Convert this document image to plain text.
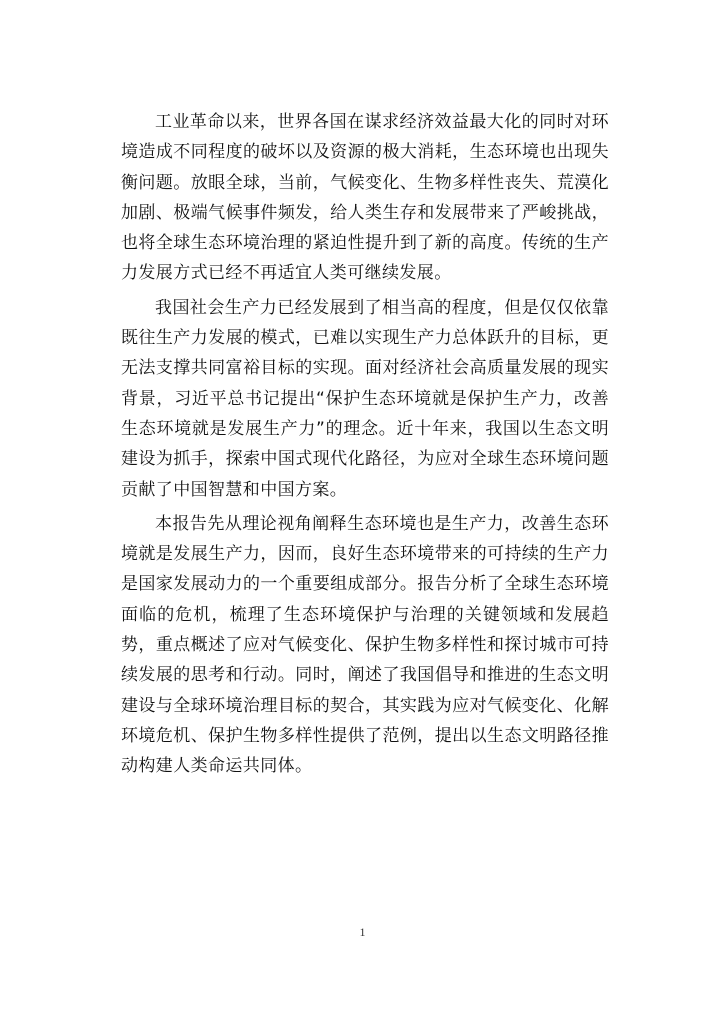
工业革命以来，世界各国在谋求经济效益最大化的同时对环境造成不同程度的破坏以及资源的极大消耗，生态环境也出现失衡问题。放眼全球，当前，气候变化、生物多样性丧失、荒漠化加剧、极端气候事件频发，给人类生存和发展带来了严峻挑战，也将全球生态环境治理的紧迫性提升到了新的高度。传统的生产力发展方式已经不再适宜人类可继续发展。

我国社会生产力已经发展到了相当高的程度，但是仅仅依靠既往生产力发展的模式，已难以实现生产力总体跃升的目标，更无法支撑共同富裕目标的实现。面对经济社会高质量发展的现实背景，习近平总书记提出“保护生态环境就是保护生产力，改善生态环境就是发展生产力”的理念。近十年来，我国以生态文明建设为抓手，探索中国式现代化路径，为应对全球生态环境问题贡献了中国智慧和中国方案。

本报告先从理论视角阐释生态环境也是生产力，改善生态环境就是发展生产力，因而，良好生态环境带来的可持续的生产力是国家发展动力的一个重要组成部分。报告分析了全球生态环境面临的危机，梳理了生态环境保护与治理的关键领域和发展趋势，重点概述了应对气候变化、保护生物多样性和探讨城市可持续发展的思考和行动。同时，阐述了我国倡导和推进的生态文明建设与全球环境治理目标的契合，其实践为应对气候变化、化解环境危机、保护生物多样性提供了范例，提出以生态文明路径推动构建人类命运共同体。

1
